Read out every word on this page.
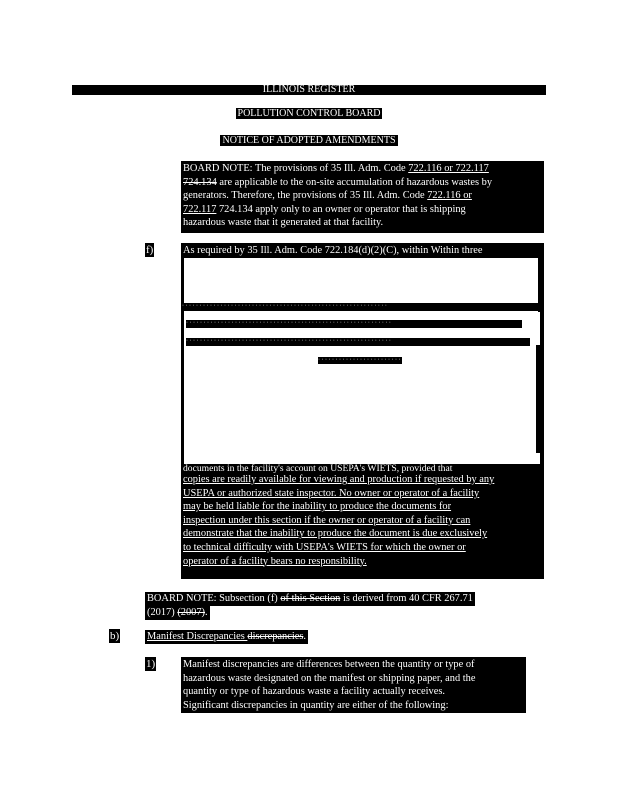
ILLINOIS REGISTER
POLLUTION CONTROL BOARD
NOTICE OF ADOPTED AMENDMENTS
BOARD NOTE: The provisions of 35 Ill. Adm. Code 722.116 or 722.117
724.134 are applicable to the on-site accumulation of hazardous wastes by
generators. Therefore, the provisions of 35 Ill. Adm. Code 722.116 or
722.117 724.134 apply only to an owner or operator that is shipping
hazardous waste that it generated at that facility.
f)	As required by 35 Ill. Adm. Code 722.184(d)(2)(C), within Within three
· · · · · · · · · · · · · · · · · · · · · · · · · · · · · · · · · · · · · · · · · · · · · · · · · · · · · · · · · · ·
· · · · · · · · · · · · · · · · · · · · · · · · · · · · · · · · · · · · · · · · · · · · · · · · · · · · · · · · · · ·
· · · · · · · · · · · · · · · · · · · · · · · · · · · · · · · · · · · · · · · · · · · · · · · · · · · · · · · · · · ·
· · · · · · · · · · · · · · · · · · · · · · · ·
documents in the facility's account on USEPA's WIETS, provided that
copies are readily available for viewing and production if requested by any
USEPA or authorized state inspector. No owner or operator of a facility
may be held liable for the inability to produce the documents for
inspection under this section if the owner or operator of a facility can
demonstrate that the inability to produce the document is due exclusively
to technical difficulty with USEPA's WIETS for which the owner or
operator of a facility bears no responsibility.
BOARD NOTE: Subsection (f) of this Section is derived from 40 CFR 267.71
(2017) (2007).
b)	Manifest Discrepancies discrepancies.
1)	Manifest discrepancies are differences between the quantity or type of
hazardous waste designated on the manifest or shipping paper, and the
quantity or type of hazardous waste a facility actually receives.
Significant discrepancies in quantity are either of the following:
